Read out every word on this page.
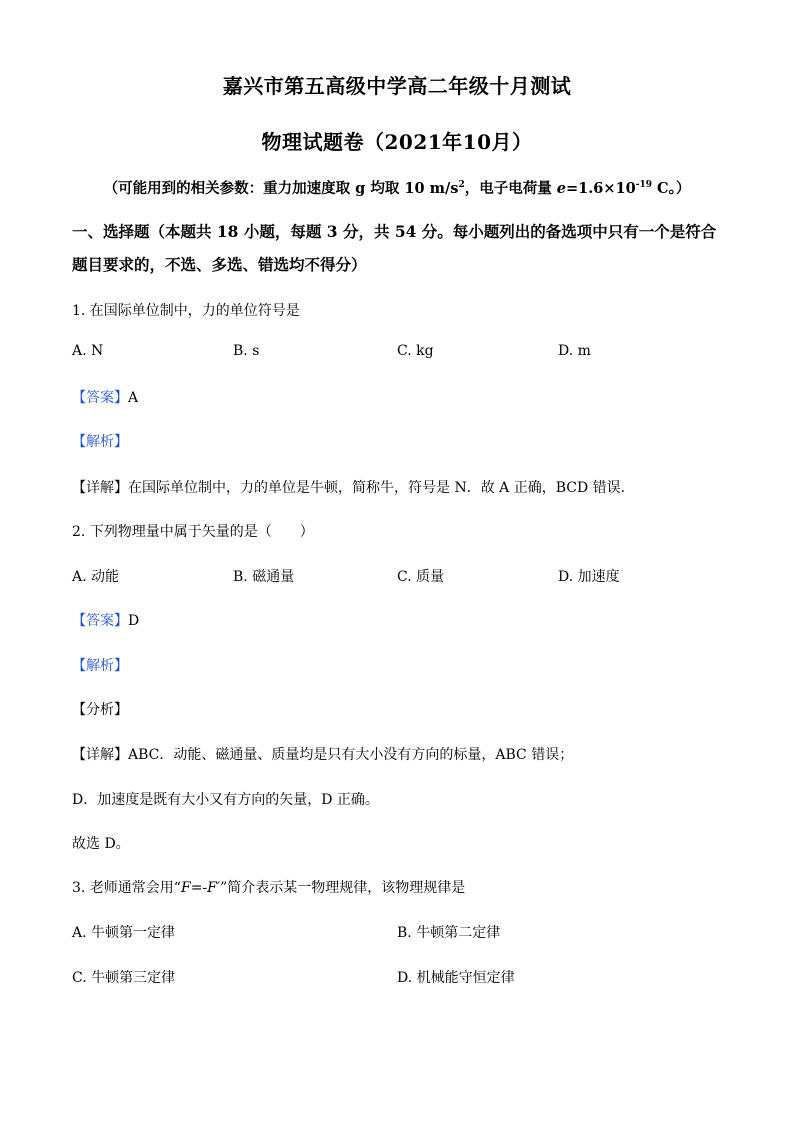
嘉兴市第五高级中学高二年级十月测试
物理试题卷（2021年10月）
（可能用到的相关参数：重力加速度取 g 均取 10 $m/s^2$，电子电荷量 $e=1.6\times 10^{-19}$ C。）
一、选择题（本题共 18 小题，每题 3 分，共 54 分。每小题列出的备选项中只有一个是符合题目要求的，不选、多选、错选均不得分）
1. 在国际单位制中，力的单位符号是
A. N	B. s	C. kg	D. m
【答案】A
【解析】
【详解】在国际单位制中，力的单位是牛顿，简称牛，符号是 N．故 A 正确，BCD 错误．
2. 下列物理量中属于矢量的是（　　）
A. 动能	B. 磁通量	C. 质量	D. 加速度
【答案】D
【解析】
【分析】
【详解】ABC．动能、磁通量、质量均是只有大小没有方向的标量，ABC 错误；
D．加速度是既有大小又有方向的矢量，D 正确。
故选 D。
3. 老师通常会用“F=-F′”简介表示某一物理规律，该物理规律是
A. 牛顿第一定律	B. 牛顿第二定律
C. 牛顿第三定律	D. 机械能守恒定律
